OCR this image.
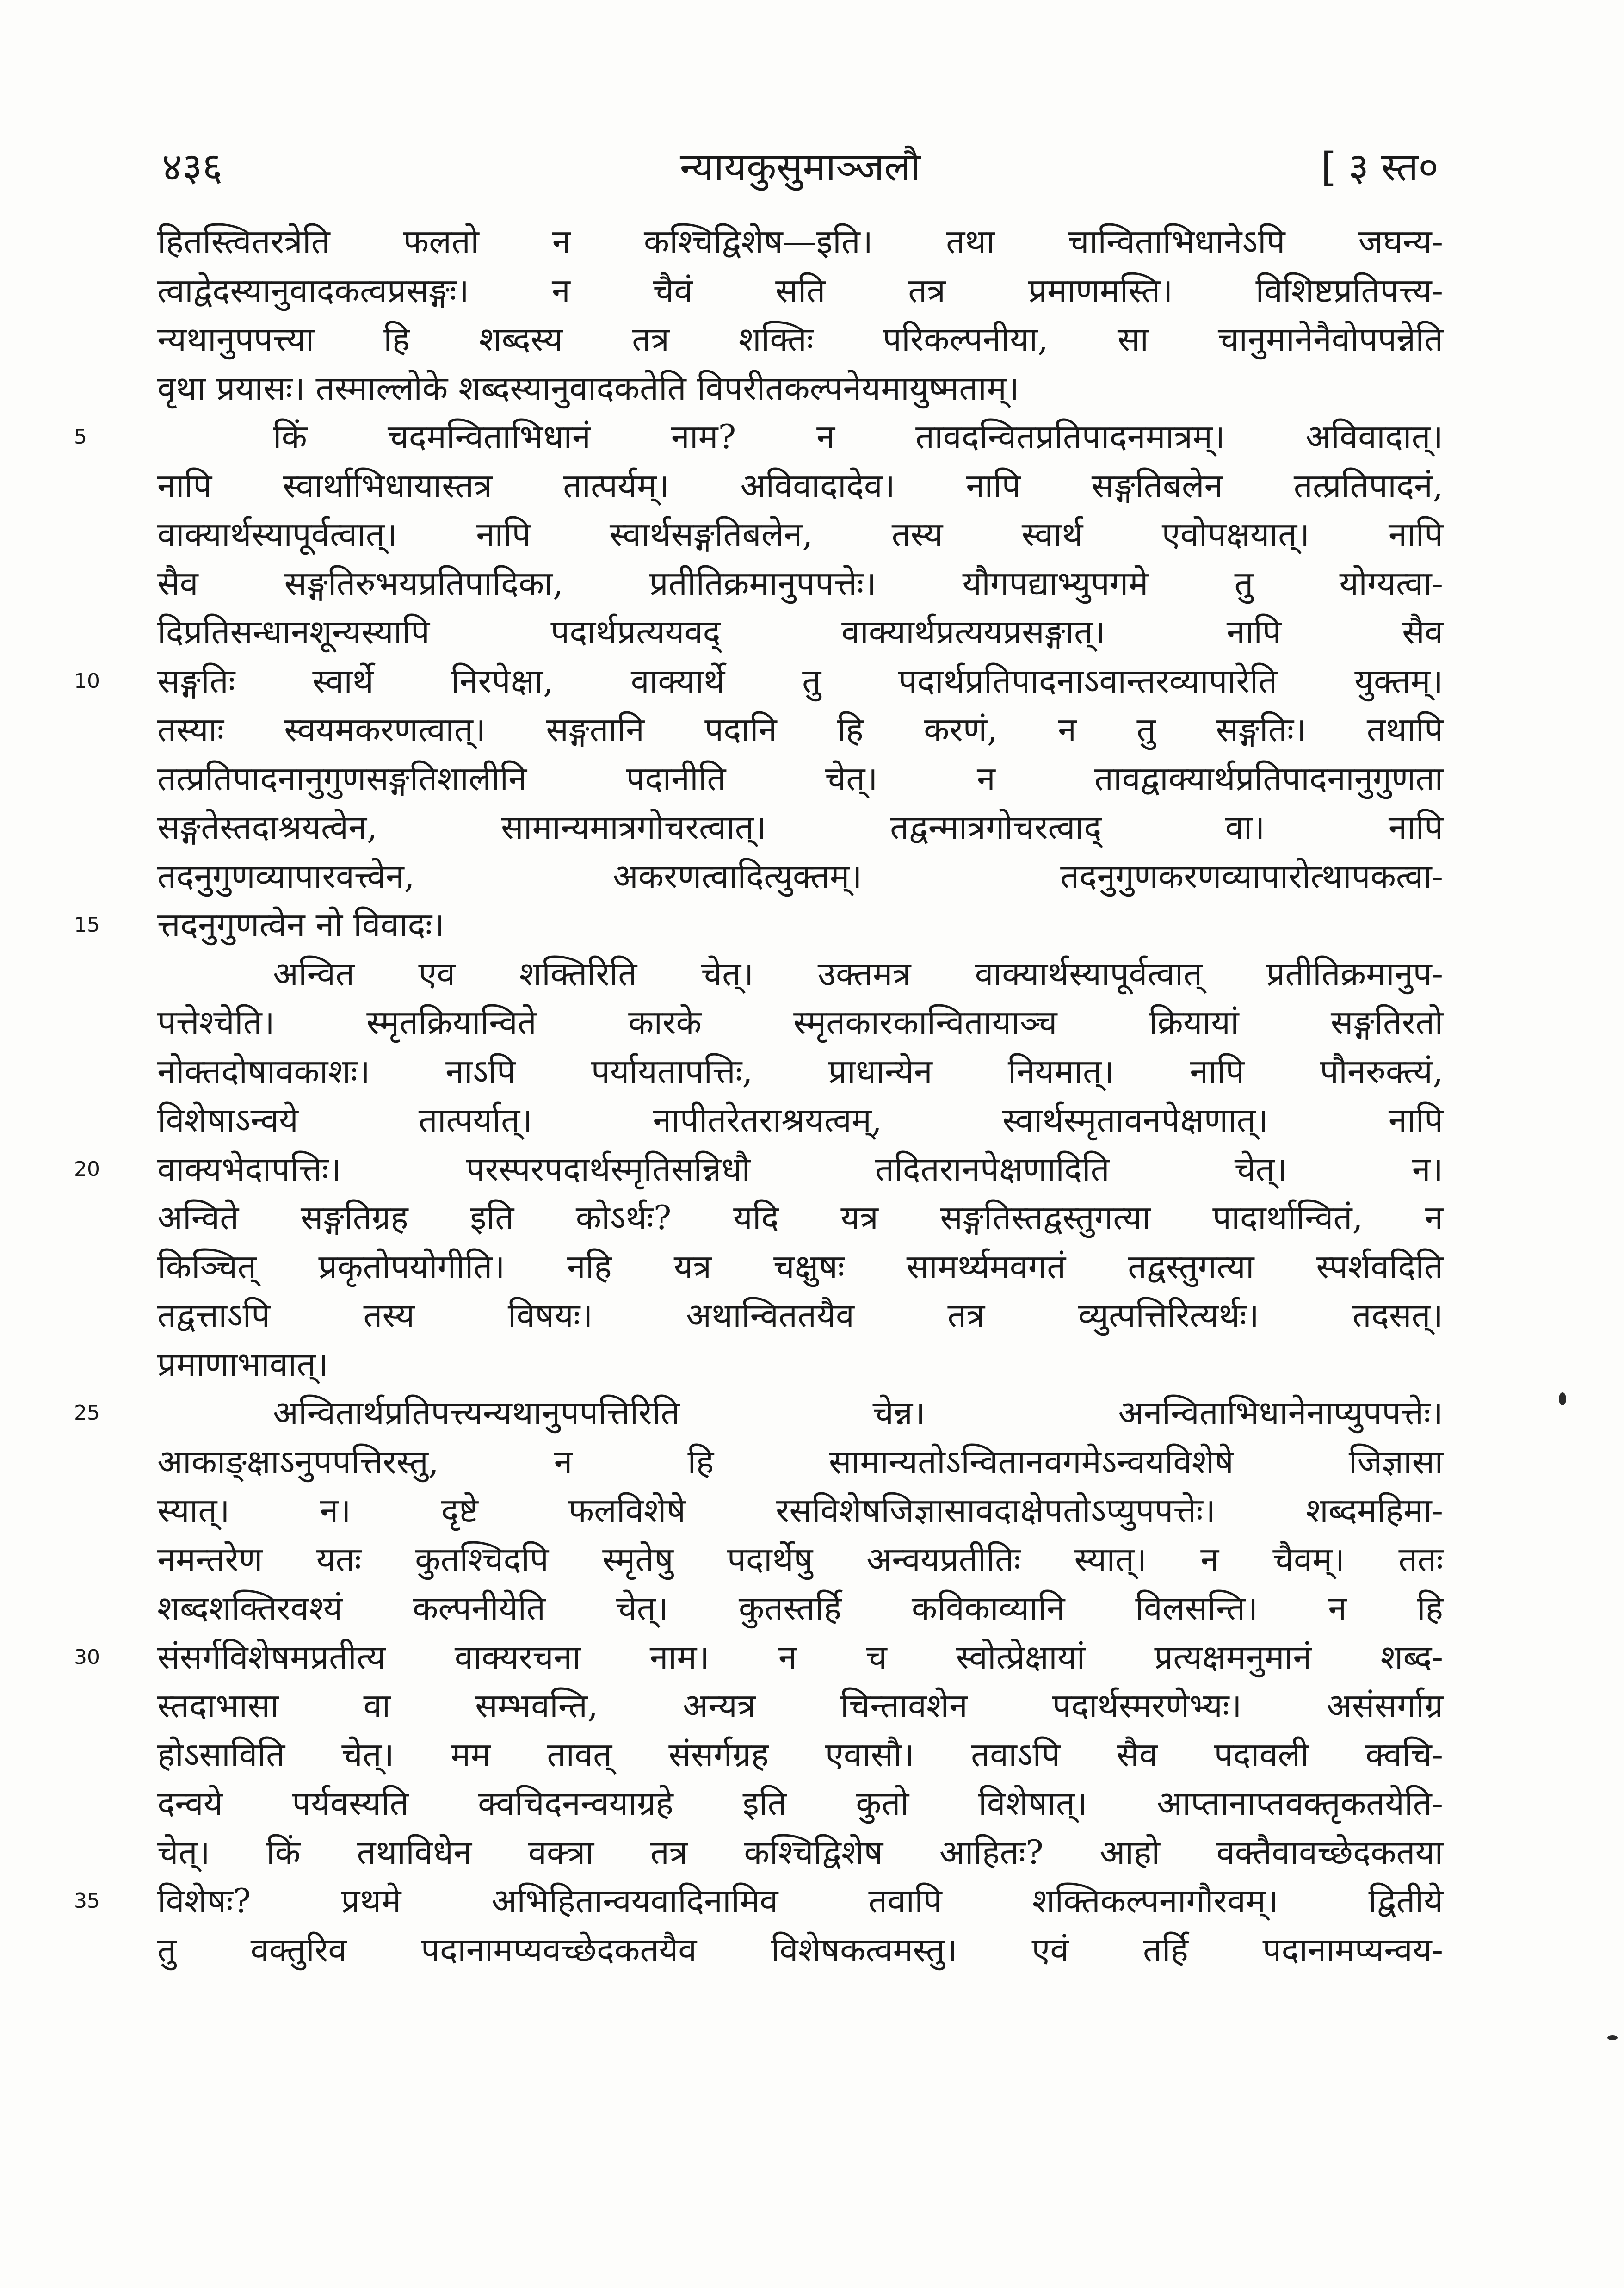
४३६	न्यायकुसुमाञ्जलौ	[ ३ स्त०
हितस्त्वितरत्रेति फलतो न कश्चिद्विशेष—इति। तथा चान्विताभिधानेऽपि जघन्य-
त्वाद्वेदस्यानुवादकत्वप्रसङ्गः। न चैवं सति तत्र प्रमाणमस्ति। विशिष्टप्रतिपत्त्य-
न्यथानुपपत्त्या हि शब्दस्य तत्र शक्तिः परिकल्पनीया, सा चानुमानेनैवोपपन्नेति
वृथा प्रयासः। तस्माल्लोके शब्दस्यानुवादकतेति विपरीतकल्पनेयमायुष्मताम्।
5	किं चदमन्विताभिधानं नाम? न तावदन्वितप्रतिपादनमात्रम्। अविवादात्।
नापि स्वार्थाभिधायास्तत्र तात्पर्यम्। अविवादादेव। नापि सङ्गतिबलेन तत्प्रतिपादनं,
वाक्यार्थस्यापूर्वत्वात्। नापि स्वार्थसङ्गतिबलेन, तस्य स्वार्थ एवोपक्षयात्। नापि
सैव सङ्गतिरुभयप्रतिपादिका, प्रतीतिक्रमानुपपत्तेः। यौगपद्याभ्युपगमे तु योग्यत्वा-
दिप्रतिसन्धानशून्यस्यापि पदार्थप्रत्ययवद् वाक्यार्थप्रत्ययप्रसङ्गात्। नापि सैव
10	सङ्गतिः स्वार्थे निरपेक्षा, वाक्यार्थे तु पदार्थप्रतिपादनाऽवान्तरव्यापारेति युक्तम्।
तस्याः स्वयमकरणत्वात्। सङ्गतानि पदानि हि करणं, न तु सङ्गतिः। तथापि
तत्प्रतिपादनानुगुणसङ्गतिशालीनि पदानीति चेत्। न तावद्वाक्यार्थप्रतिपादनानुगुणता
सङ्गतेस्तदाश्रयत्वेन, सामान्यमात्रगोचरत्वात्। तद्वन्मात्रगोचरत्वाद् वा। नापि
तदनुगुणव्यापारवत्त्वेन, अकरणत्वादित्युक्तम्। तदनुगुणकरणव्यापारोत्थापकत्वा-
15	त्तदनुगुणत्वेन नो विवादः।
अन्वित एव शक्तिरिति चेत्। उक्तमत्र वाक्यार्थस्यापूर्वत्वात् प्रतीतिक्रमानुप-
पत्तेश्चेति। स्मृतक्रियान्विते कारके स्मृतकारकान्वितायाञ्च क्रियायां सङ्गतिरतो
नोक्तदोषावकाशः। नाऽपि पर्यायतापत्तिः, प्राधान्येन नियमात्। नापि पौनरुक्त्यं,
विशेषाऽन्वये तात्पर्यात्। नापीतरेतराश्रयत्वम्, स्वार्थस्मृतावनपेक्षणात्। नापि
20	वाक्यभेदापत्तिः। परस्परपदार्थस्मृतिसन्निधौ तदितरानपेक्षणादिति चेत्। न।
अन्विते सङ्गतिग्रह इति कोऽर्थः? यदि यत्र सङ्गतिस्तद्वस्तुगत्या पादार्थान्वितं, न
किञ्चित् प्रकृतोपयोगीति। नहि यत्र चक्षुषः सामर्थ्यमवगतं तद्वस्तुगत्या स्पर्शवदिति
तद्वत्ताऽपि तस्य विषयः। अथान्विततयैव तत्र व्युत्पत्तिरित्यर्थः। तदसत्।
प्रमाणाभावात्।
25	अन्वितार्थप्रतिपत्त्यन्यथानुपपत्तिरिति चेन्न। अनन्विताभिधानेनाप्युपपत्तेः।
आकाङ्क्षाऽनुपपत्तिरस्तु, न हि सामान्यतोऽन्वितानवगमेऽन्वयविशेषे जिज्ञासा
स्यात्। न। दृष्टे फलविशेषे रसविशेषजिज्ञासावदाक्षेपतोऽप्युपपत्तेः। शब्दमहिमा-
नमन्तरेण यतः कुतश्चिदपि स्मृतेषु पदार्थेषु अन्वयप्रतीतिः स्यात्। न चैवम्। ततः
शब्दशक्तिरवश्यं कल्पनीयेति चेत्। कुतस्तर्हि कविकाव्यानि विलसन्ति। न हि
30	संसर्गविशेषमप्रतीत्य वाक्यरचना नाम। न च स्वोत्प्रेक्षायां प्रत्यक्षमनुमानं शब्द-
स्तदाभासा वा सम्भवन्ति, अन्यत्र चिन्तावशेन पदार्थस्मरणेभ्यः। असंसर्गाग्र
होऽसाविति चेत्। मम तावत् संसर्गग्रह एवासौ। तवाऽपि सैव पदावली क्वचि-
दन्वये पर्यवस्यति क्वचिदनन्वयाग्रहे इति कुतो विशेषात्। आप्तानाप्तवक्तृकतयेति-
चेत्। किं तथाविधेन वक्त्रा तत्र कश्चिद्विशेष आहितः? आहो वक्तैवावच्छेदकतया
35	विशेषः? प्रथमे अभिहितान्वयवादिनामिव तवापि शक्तिकल्पनागौरवम्। द्वितीये
तु वक्तुरिव पदानामप्यवच्छेदकतयैव विशेषकत्वमस्तु। एवं तर्हि पदानामप्यन्वय-
